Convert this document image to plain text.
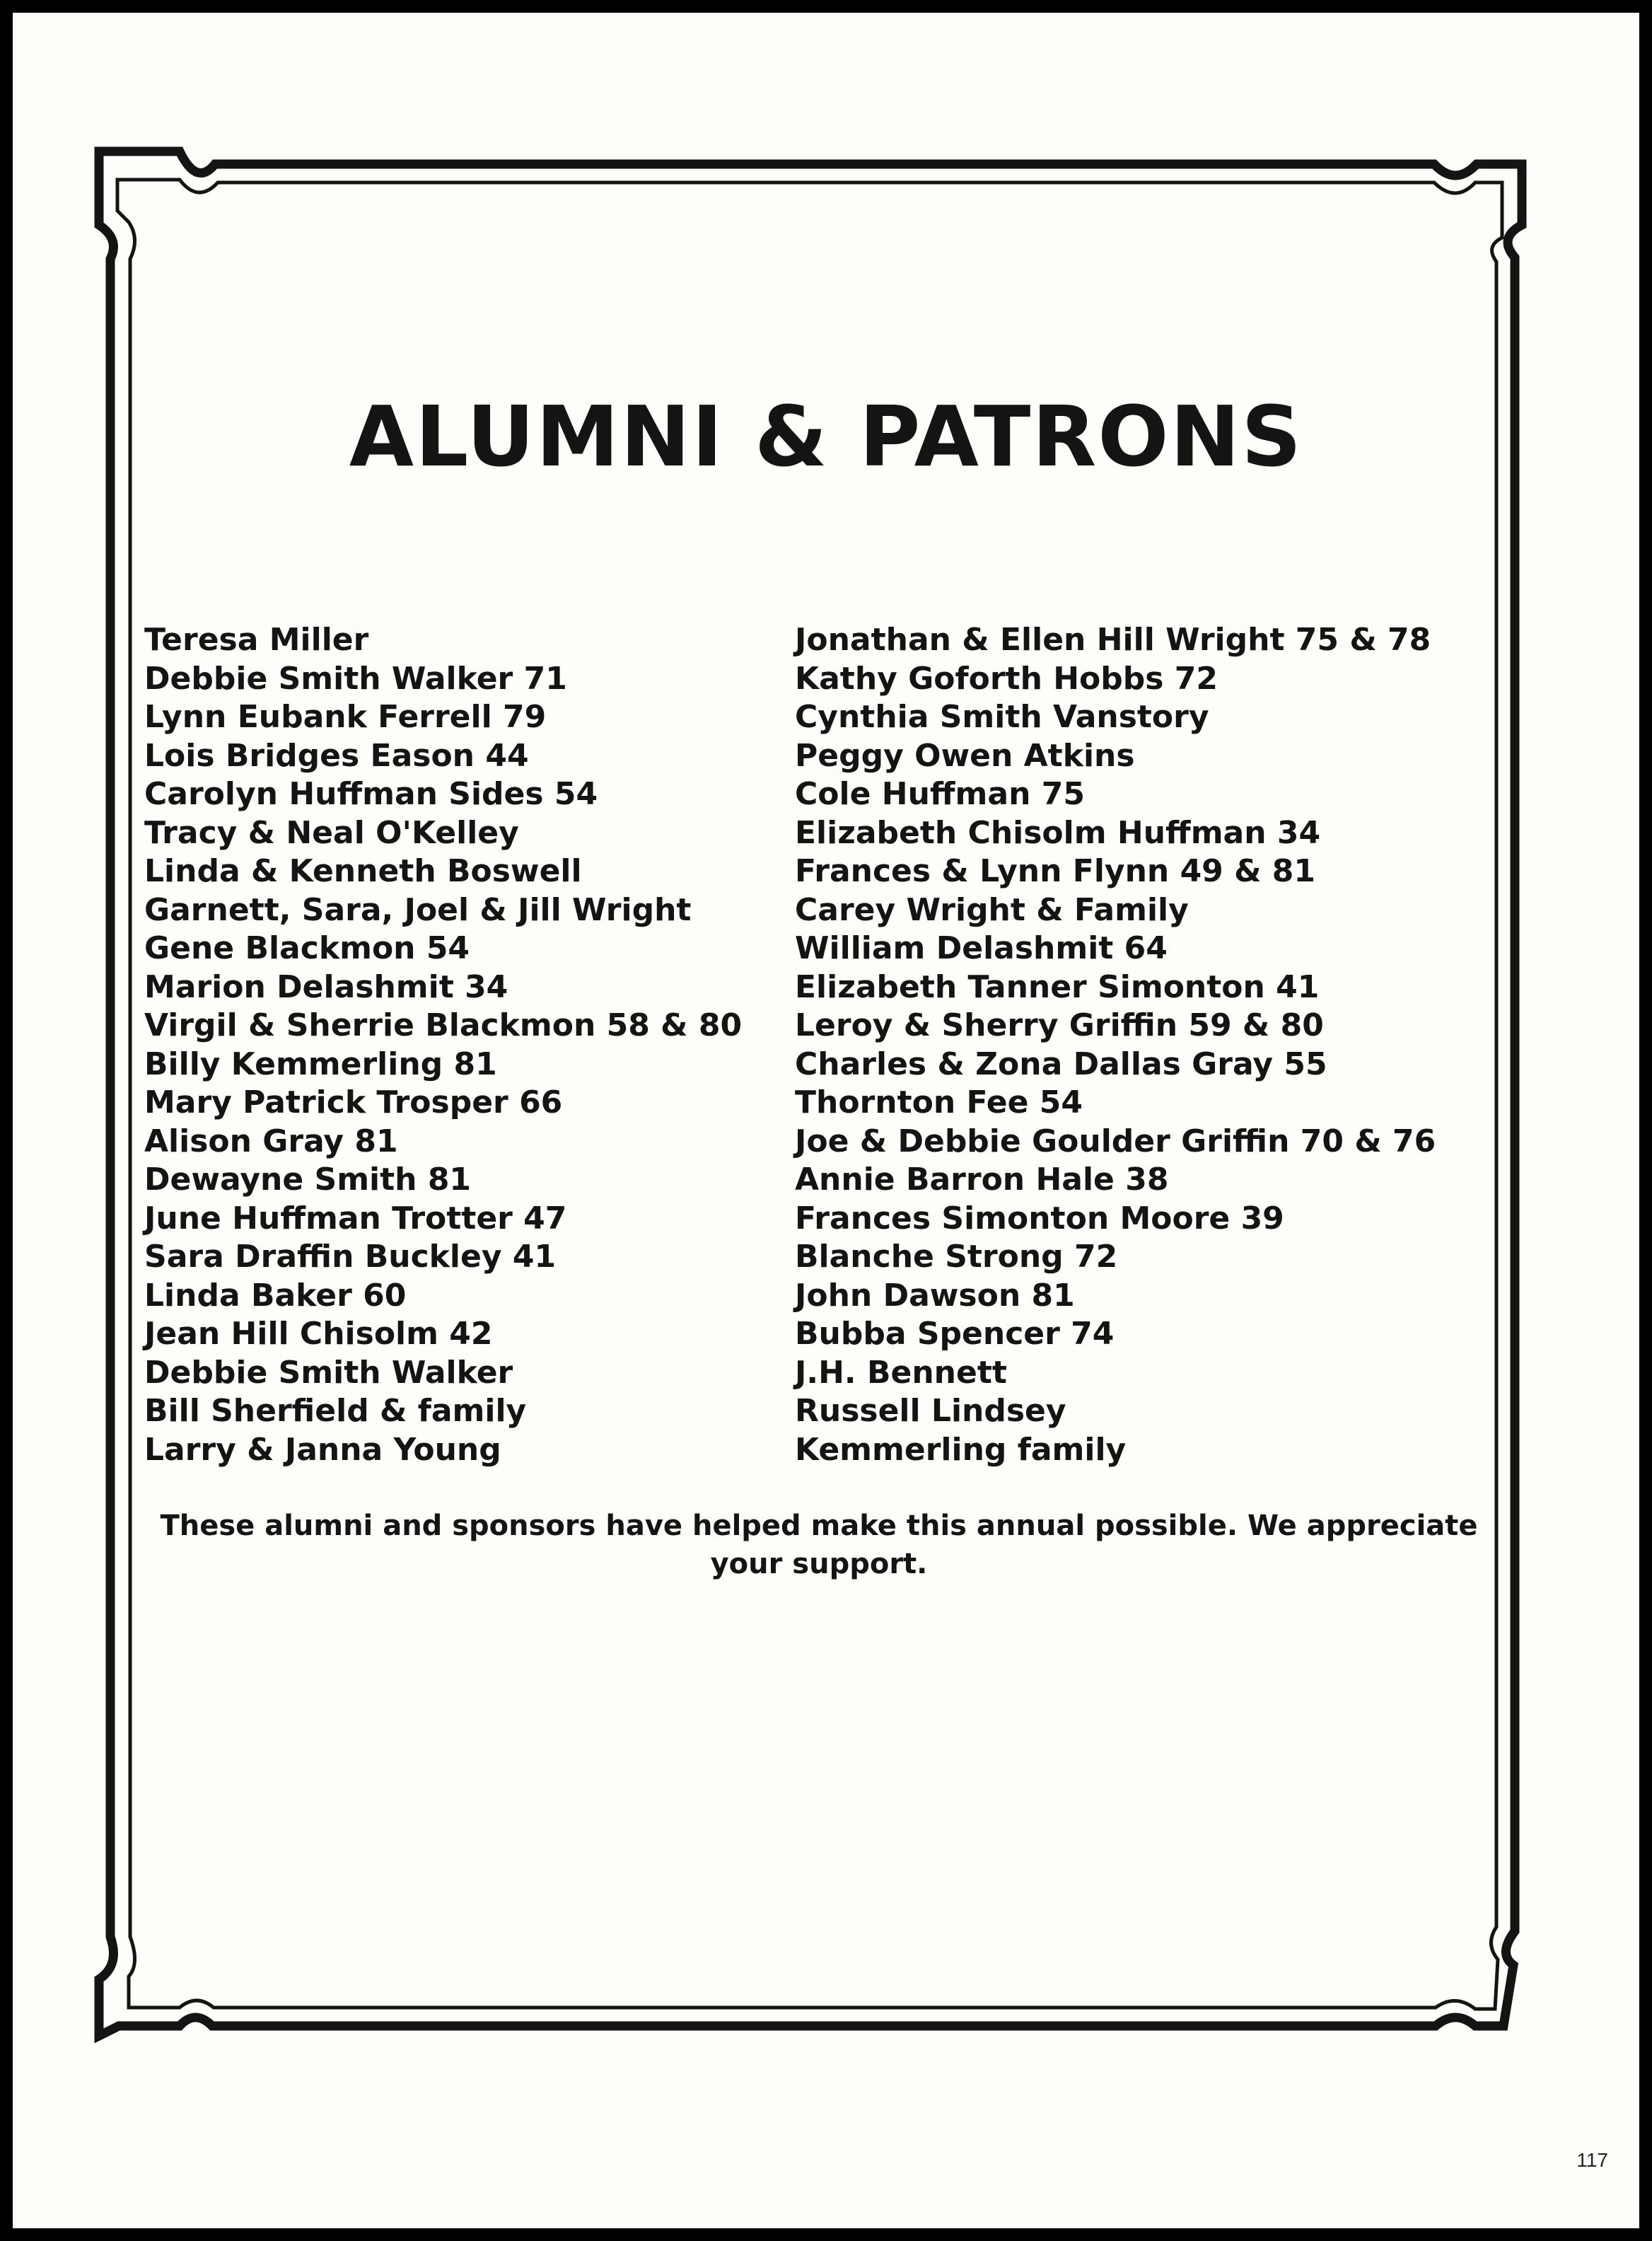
ALUMNI & PATRONS
Teresa Miller
Debbie Smith Walker 71
Lynn Eubank Ferrell 79
Lois Bridges Eason 44
Carolyn Huffman Sides 54
Tracy & Neal O'Kelley
Linda & Kenneth Boswell
Garnett, Sara, Joel & Jill Wright
Gene Blackmon 54
Marion Delashmit 34
Virgil & Sherrie Blackmon 58 & 80
Billy Kemmerling 81
Mary Patrick Trosper 66
Alison Gray 81
Dewayne Smith 81
June Huffman Trotter 47
Sara Draffin Buckley 41
Linda Baker 60
Jean Hill Chisolm 42
Debbie Smith Walker
Bill Sherfield & family
Larry & Janna Young
Jonathan & Ellen Hill Wright 75 & 78
Kathy Goforth Hobbs 72
Cynthia Smith Vanstory
Peggy Owen Atkins
Cole Huffman 75
Elizabeth Chisolm Huffman 34
Frances & Lynn Flynn 49 & 81
Carey Wright & Family
William Delashmit 64
Elizabeth Tanner Simonton 41
Leroy & Sherry Griffin 59 & 80
Charles & Zona Dallas Gray 55
Thornton Fee 54
Joe & Debbie Goulder Griffin 70 & 76
Annie Barron Hale 38
Frances Simonton Moore 39
Blanche Strong 72
John Dawson 81
Bubba Spencer 74
J.H. Bennett
Russell Lindsey
Kemmerling family

These alumni and sponsors have helped make this annual possible. We appreciate your support.

117
